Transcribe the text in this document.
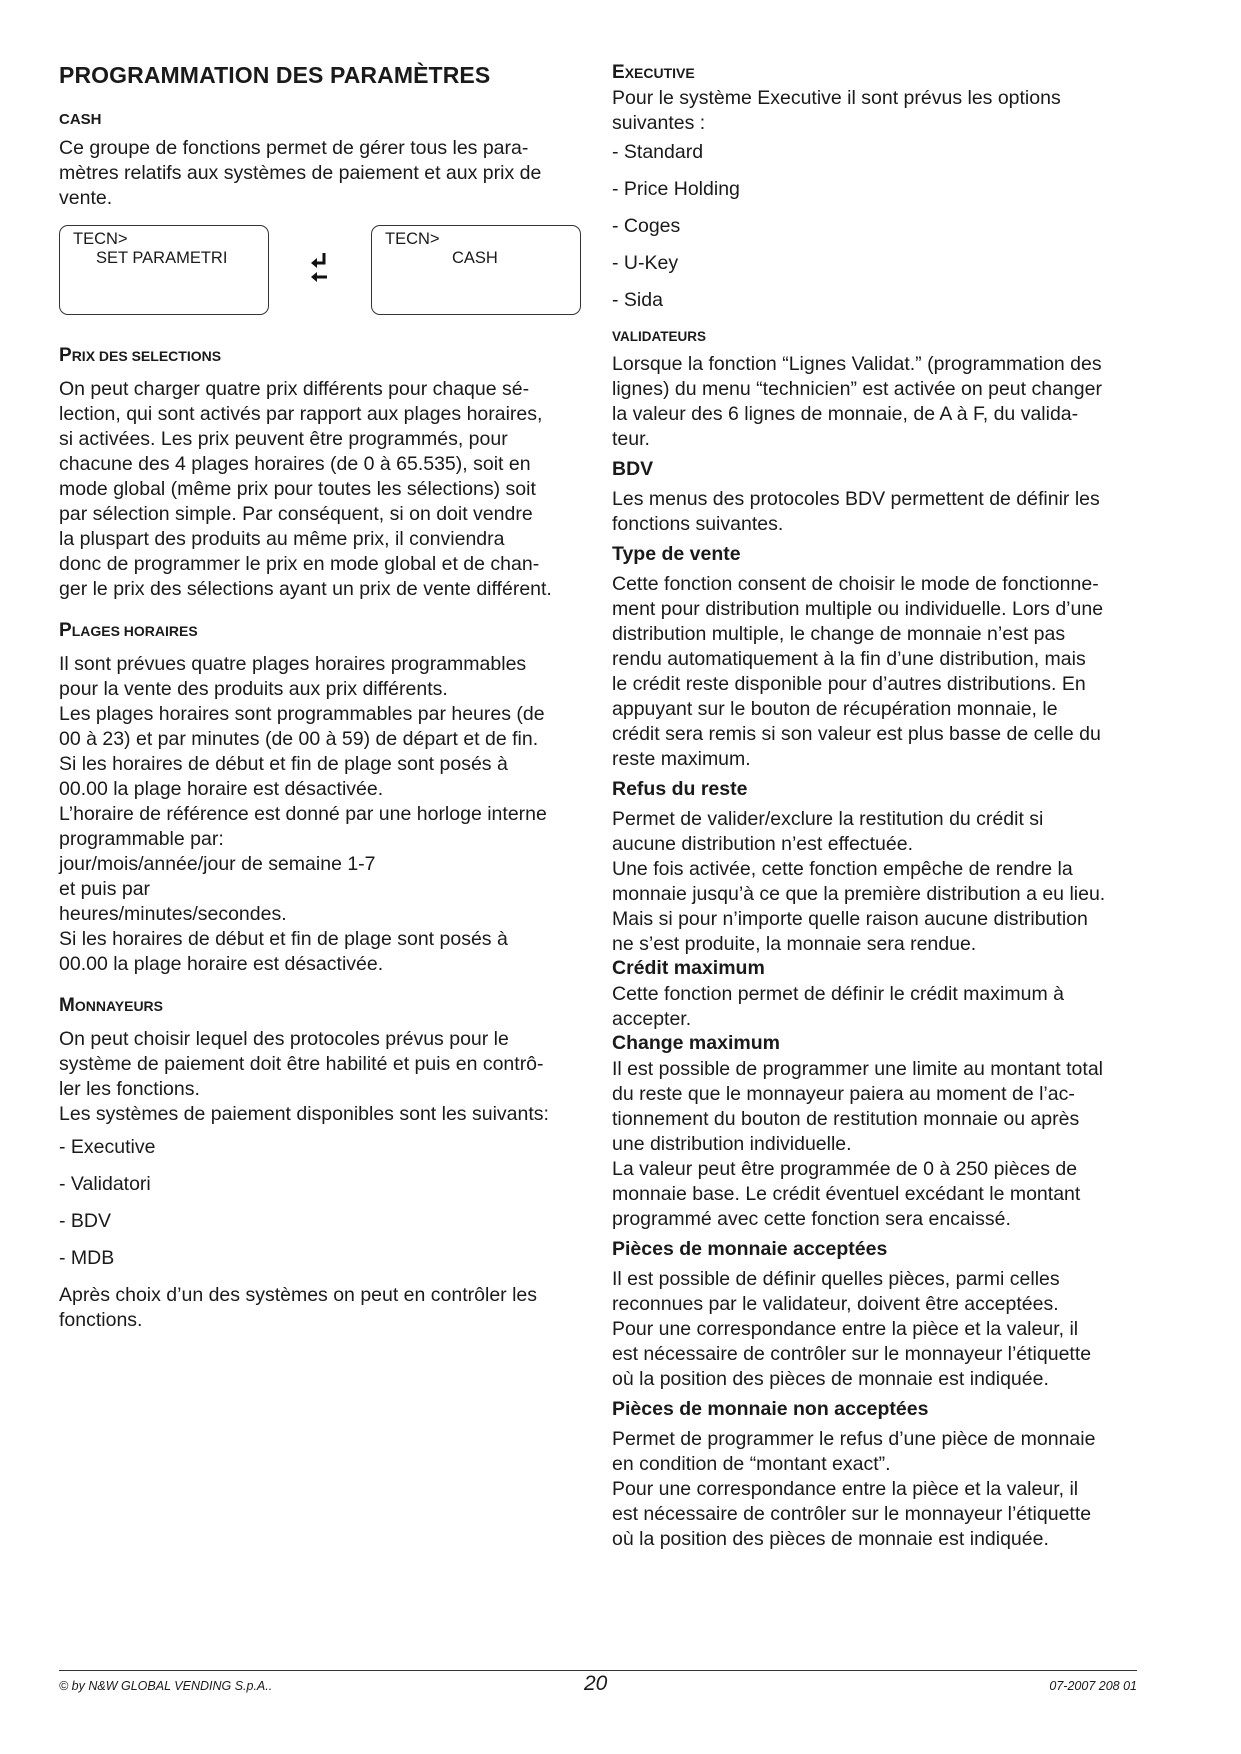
PROGRAMMATION DES PARAMÈTRES
CASH

Ce groupe de fonctions permet de gérer tous les para-
mètres relatifs aux systèmes de paiement et aux prix de
vente.

TECN>
SET PARAMETRI
TECN>
CASH
PRIX DES SELECTIONS

On peut charger quatre prix différents pour chaque sé-
lection, qui sont activés par rapport aux plages horaires,
si activées. Les prix peuvent être programmés, pour
chacune des 4 plages horaires (de 0 à 65.535), soit en
mode global (même prix pour toutes les sélections) soit
par sélection simple. Par conséquent, si on doit vendre
la pluspart des produits au même prix, il conviendra
donc de programmer le prix en mode global et de chan-
ger le prix des sélections ayant un prix de vente différent.

PLAGES HORAIRES

Il sont prévues quatre plages horaires programmables
pour la vente des produits aux prix différents.
Les plages horaires sont programmables par heures (de
00 à 23) et par minutes (de 00 à 59) de départ et de fin.
Si les horaires de début et fin de plage sont posés à
00.00 la plage horaire est désactivée.
L’horaire de référence est donné par une horloge interne
programmable par:
jour/mois/année/jour de semaine 1-7
et puis par
heures/minutes/secondes.
Si les horaires de début et fin de plage sont posés à
00.00 la plage horaire est désactivée.

MONNAYEURS

On peut choisir lequel des protocoles prévus pour le
système de paiement doit être habilité et puis en contrô-
ler les fonctions.
Les systèmes de paiement disponibles sont les suivants:

- Executive
- Validatori
- BDV
- MDB

Après choix d’un des systèmes on peut en contrôler les
fonctions.

EXECUTIVE

Pour le système Executive il sont prévus les options
suivantes :

- Standard
- Price Holding
- Coges
- U-Key
- Sida
VALIDATEURS

Lorsque la fonction “Lignes Validat.” (programmation des
lignes) du menu “technicien” est activée on peut changer
la valeur des 6 lignes de monnaie, de A à F, du valida-
teur.

BDV

Les menus des protocoles BDV permettent de définir les
fonctions suivantes.

Type de vente

Cette fonction consent de choisir le mode de fonctionne-
ment pour distribution multiple ou individuelle. Lors d’une
distribution multiple, le change de monnaie n’est pas
rendu automatiquement à la fin d’une distribution, mais
le crédit reste disponible pour d’autres distributions. En
appuyant sur le bouton de récupération monnaie, le
crédit sera remis si son valeur est plus basse de celle du
reste maximum.

Refus du reste

Permet de valider/exclure la restitution du crédit si
aucune distribution n’est effectuée.
Une fois activée, cette fonction empêche de rendre la
monnaie jusqu’à ce que la première distribution a eu lieu.
Mais si pour n’importe quelle raison aucune distribution
ne s’est produite, la monnaie sera rendue.

Crédit maximum

Cette fonction permet de définir le crédit maximum à
accepter.

Change maximum

Il est possible de programmer une limite au montant total
du reste que le monnayeur paiera au moment de l’ac-
tionnement du bouton de restitution monnaie ou après
une distribution individuelle.
La valeur peut être programmée de 0 à 250 pièces de
monnaie base. Le crédit éventuel excédant le montant
programmé avec cette fonction sera encaissé.

Pièces de monnaie acceptées

Il est possible de définir quelles pièces, parmi celles
reconnues par le validateur, doivent être acceptées.
Pour une correspondance entre la pièce et la valeur, il
est nécessaire de contrôler sur le monnayeur l’étiquette
où la position des pièces de monnaie est indiquée.

Pièces de monnaie non acceptées

Permet de programmer le refus d’une pièce de monnaie
en condition de “montant exact”.
Pour une correspondance entre la pièce et la valeur, il
est nécessaire de contrôler sur le monnayeur l’étiquette
où la position des pièces de monnaie est indiquée.

© by N&W GLOBAL VENDING S.p.A..	20	07-2007 208 01
